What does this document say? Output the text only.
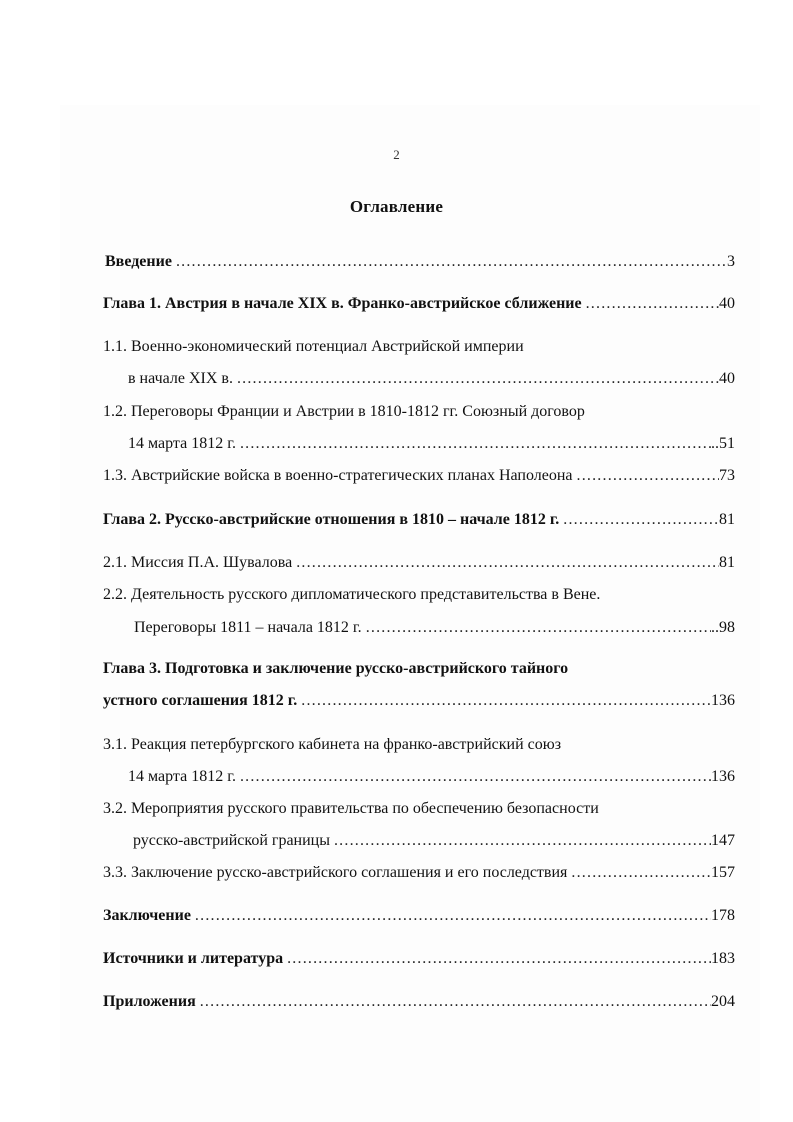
2
Оглавление
Введение .....	3
Глава 1. Австрия в начале XIX в. Франко-австрийское сближение .....	40
1.1. Военно-экономический потенциал Австрийской империи
в начале XIX в. .....	40
1.2. Переговоры Франции и Австрии в 1810-1812 гг. Союзный договор
14 марта 1812 г. .....	..51
1.3. Австрийские войска в военно-стратегических планах Наполеона .....	73
Глава 2. Русско-австрийские отношения в 1810 – начале 1812 г. .....	81
2.1. Миссия П.А. Шувалова .....	81
2.2. Деятельность русского дипломатического представительства в Вене.
Переговоры 1811 – начала 1812 г. .....	..98
Глава 3. Подготовка и заключение русско-австрийского тайного
устного соглашения 1812 г. .....	136
3.1. Реакция петербургского кабинета на франко-австрийский союз
14 марта 1812 г. .....	136
3.2. Мероприятия русского правительства по обеспечению безопасности
русско-австрийской границы .....	147
3.3. Заключение русско-австрийского соглашения и его последствия .....	157
Заключение .....	178
Источники и литература .....	183
Приложения .....	204
